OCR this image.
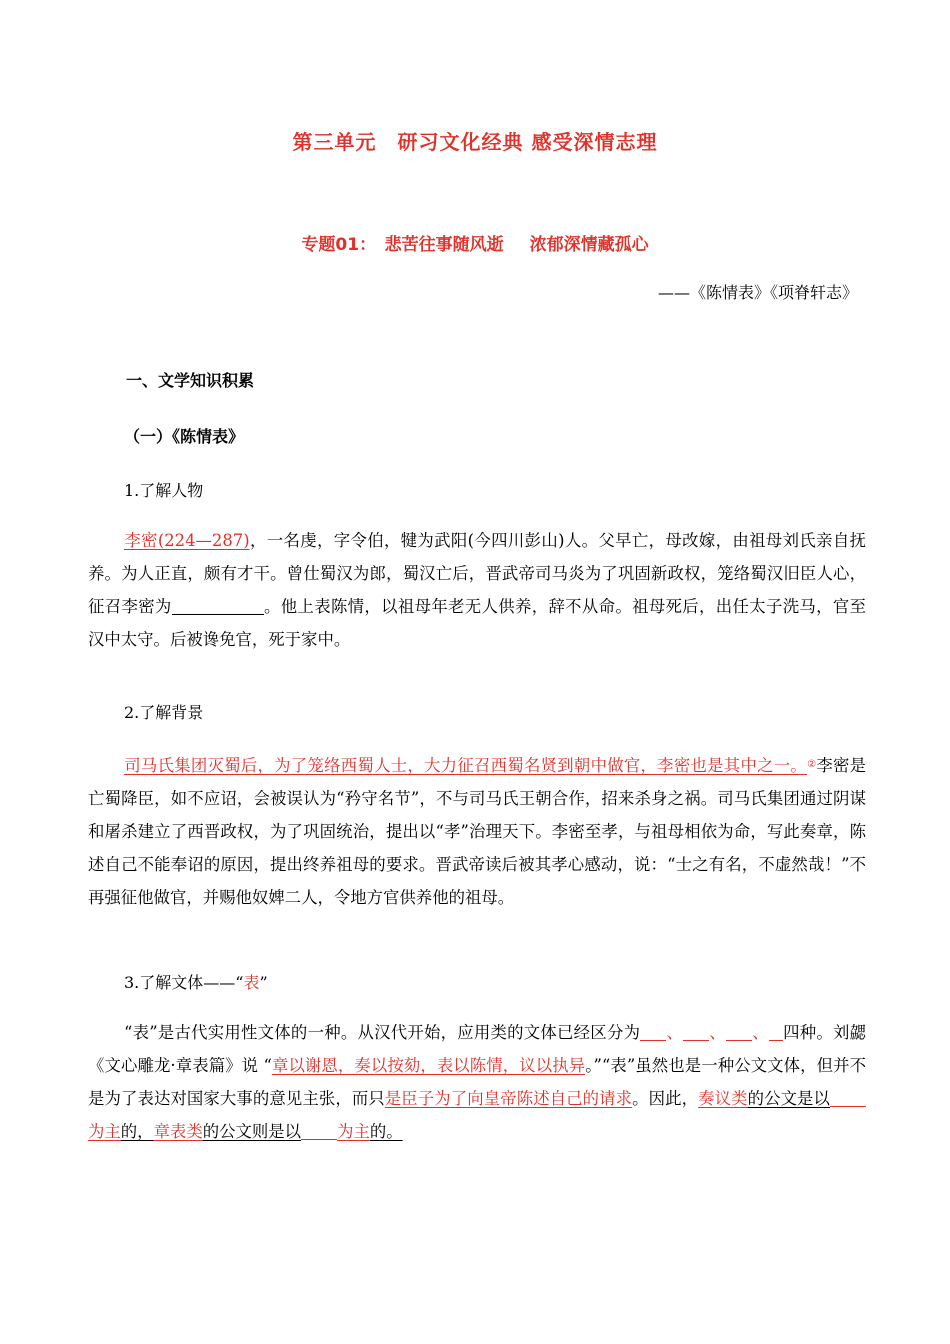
第三单元　研习文化经典 感受深情志理
专题01：　悲苦往事随风逝 浓郁深情藏孤心
——《陈情表》《项脊轩志》
一、文学知识积累
（一）《陈情表》
1.了解人物
李密(224—287)，一名虔，字令伯，犍为武阳(今四川彭山)人。父早亡，母改嫁，由祖母刘氏亲自抚养。为人正直，颇有才干。曾仕蜀汉为郎，蜀汉亡后，晋武帝司马炎为了巩固新政权，笼络蜀汉旧臣人心，征召李密为	。他上表陈情，以祖母年老无人供养，辞不从命。祖母死后，出任太子洗马，官至汉中太守。后被谗免官，死于家中。
2.了解背景
司马氏集团灭蜀后，为了笼络西蜀人士，大力征召西蜀名贤到朝中做官，李密也是其中之一。②李密是亡蜀降臣，如不应诏，会被误认为“矜守名节”，不与司马氏王朝合作，招来杀身之祸。司马氏集团通过阴谋和屠杀建立了西晋政权，为了巩固统治，提出以“孝”治理天下。李密至孝，与祖母相依为命，写此奏章，陈述自己不能奉诏的原因，提出终养祖母的要求。晋武帝读后被其孝心感动，说：“士之有名，不虚然哉！”不再强征他做官，并赐他奴婢二人，令地方官供养他的祖母。
3.了解文体——“表”
“表”是古代实用性文体的一种。从汉代开始，应用类的文体已经区分为 、 、 、 四种。刘勰《文心雕龙·章表篇》说 “章以谢恩，奏以按劾，表以陈情，议以执异。”“表”虽然也是一种公文文体，但并不是为了表达对国家大事的意见主张，而只是臣子为了向皇帝陈述自己的请求。因此，奏议类的公文是以为主的，章表类的公文则是以 为主的。
